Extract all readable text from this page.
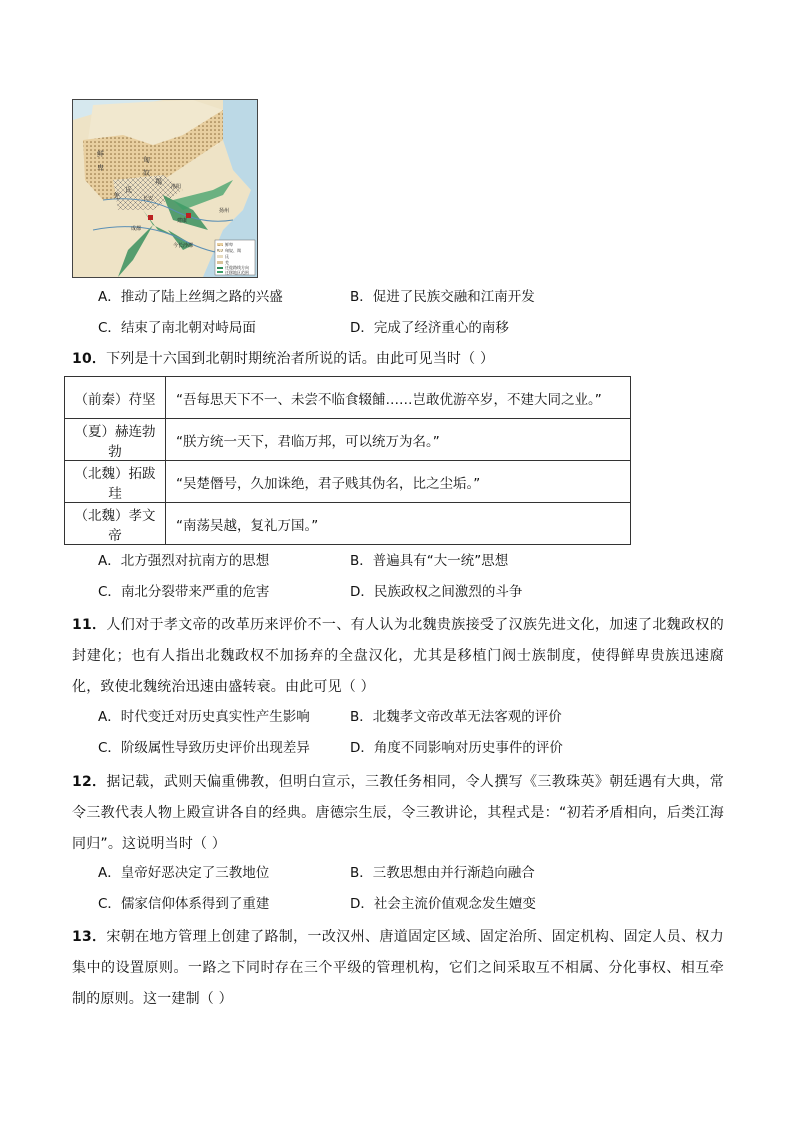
鲜
卑
匈
奴
羯
氐
羌
洛阳
长安
建康
扬州
成都
今长沙郡	鲜卑
匈奴、羯
氐
羌
迁徙路线方向
迁移地区范围
A．推动了陆上丝绸之路的兴盛	B．促进了民族交融和江南开发
C．结束了南北朝对峙局面	D．完成了经济重心的南移
10．下列是十六国到北朝时期统治者所说的话。由此可见当时（ ）
（前秦）苻坚	“吾每思天下不一、未尝不临食辍餔……岂敢优游卒岁，不建大同之业。”
（夏）赫连勃勃	“朕方统一天下，君临万邦，可以统万为名。”
（北魏）拓跋珪	“吴楚僭号，久加诛绝，君子贱其伪名，比之尘垢。”
（北魏）孝文帝	“南荡吴越，复礼万国。”
A．北方强烈对抗南方的思想	B．普遍具有“大一统”思想
C．南北分裂带来严重的危害	D．民族政权之间激烈的斗争
11．人们对于孝文帝的改革历来评价不一、有人认为北魏贵族接受了汉族先进文化，加速了北魏政权的封建化；也有人指出北魏政权不加扬弃的全盘汉化，尤其是移植门阀士族制度，使得鲜卑贵族迅速腐化，致使北魏统治迅速由盛转衰。由此可见（ ）
A．时代变迁对历史真实性产生影响	B．北魏孝文帝改革无法客观的评价
C．阶级属性导致历史评价出现差异	D．角度不同影响对历史事件的评价
12．据记载，武则天偏重佛教，但明白宣示，三教任务相同，令人撰写《三教珠英》朝廷遇有大典，常令三教代表人物上殿宣讲各自的经典。唐德宗生辰，令三教讲论，其程式是：“初若矛盾相向，后类江海同归”。这说明当时（ ）
A．皇帝好恶决定了三教地位	B．三教思想由并行渐趋向融合
C．儒家信仰体系得到了重建	D．社会主流价值观念发生嬗变
13．宋朝在地方管理上创建了路制，一改汉州、唐道固定区域、固定治所、固定机构、固定人员、权力集中的设置原则。一路之下同时存在三个平级的管理机构，它们之间采取互不相属、分化事权、相互牵制的原则。这一建制（ ）
